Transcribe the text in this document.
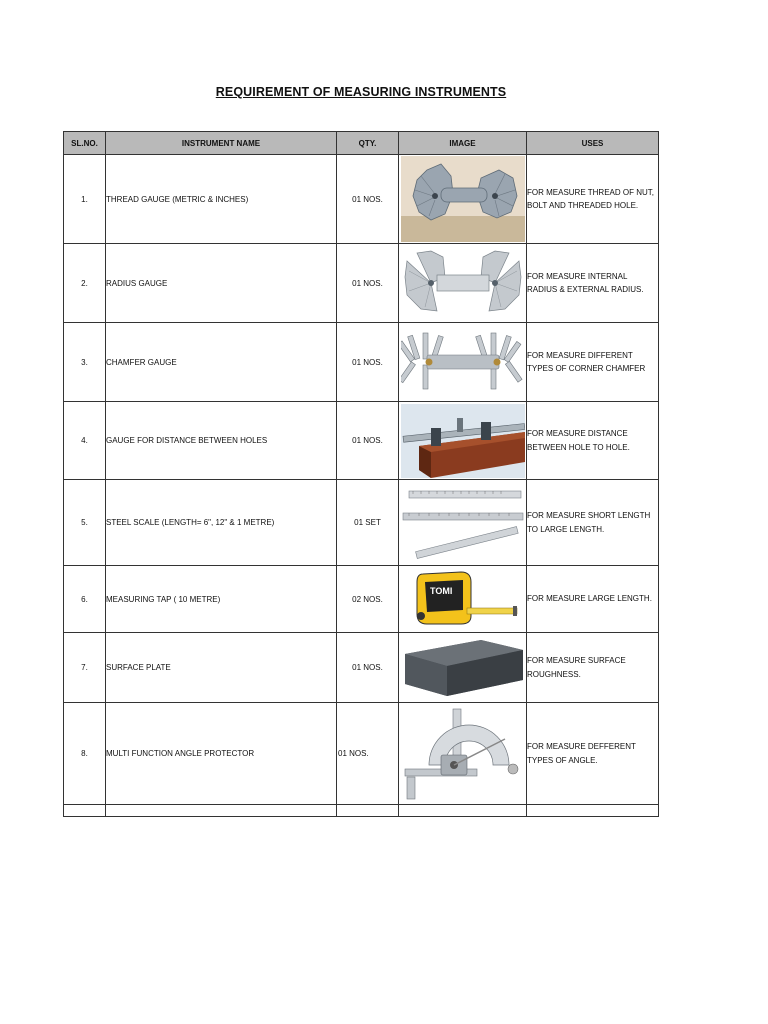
REQUIREMENT OF MEASURING INSTRUMENTS
SL.NO.	INSTRUMENT NAME	QTY.	IMAGE	USES
1.	THREAD GAUGE (METRIC & INCHES)	01 NOS.		FOR MEASURE THREAD OF NUT, BOLT AND THREADED HOLE.
2.	RADIUS GAUGE	01 NOS.		FOR MEASURE INTERNAL RADIUS & EXTERNAL RADIUS.
3.	CHAMFER GAUGE	01 NOS.		FOR MEASURE DIFFERENT TYPES OF CORNER CHAMFER
4.	GAUGE FOR DISTANCE BETWEEN HOLES	01 NOS.		FOR MEASURE DISTANCE BETWEEN HOLE TO HOLE.
5.	STEEL SCALE (LENGTH= 6", 12" & 1 METRE)	01 SET		FOR MEASURE SHORT LENGTH TO LARGE LENGTH.
6.	MEASURING TAP ( 10 METRE)	02 NOS.	TOMI	FOR MEASURE LARGE LENGTH.
7.	SURFACE PLATE	01 NOS.		FOR MEASURE SURFACE ROUGHNESS.
8.	MULTI FUNCTION ANGLE PROTECTOR	01 NOS.		FOR MEASURE DEFFERENT TYPES OF ANGLE.
